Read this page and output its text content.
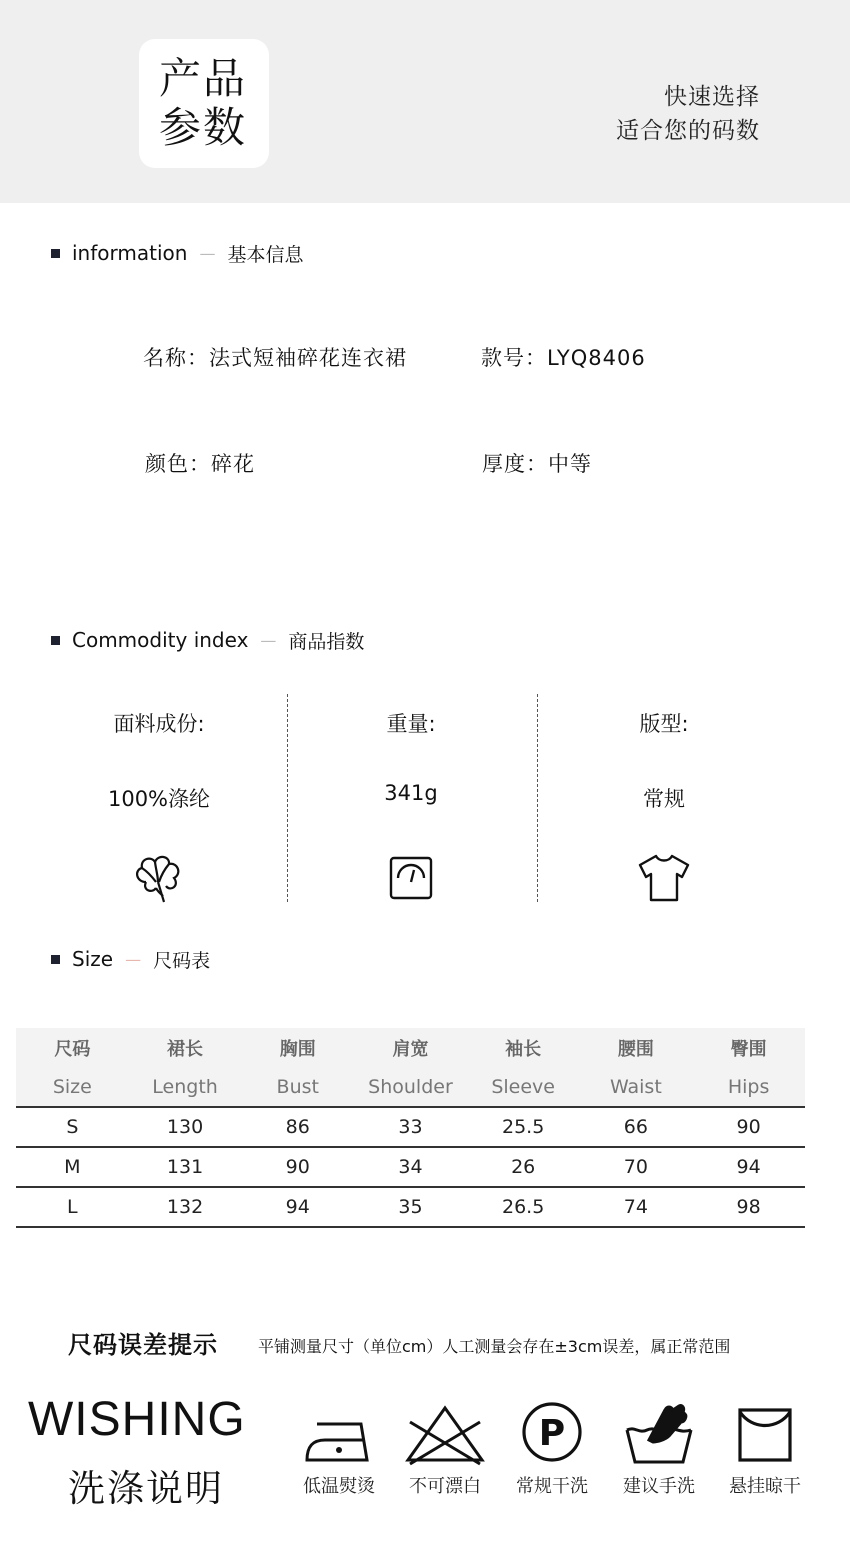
产品
参数
快速选择
适合您的码数
information — 基本信息
名称：法式短袖碎花连衣裙	款号：LYQ8406
颜色：碎花	厚度：中等
Commodity index — 商品指数
面料成份:
100%涤纶
重量:
341g
版型:
常规
Size — 尺码表
尺码	裙长	胸围	肩宽	袖长	腰围	臀围
Size	Length	Bust	Shoulder	Sleeve	Waist	Hips
S	130	86	33	25.5	66	90
M	131	90	34	26	70	94
L	132	94	35	26.5	74	98
尺码误差提示	平铺测量尺寸（单位cm）人工测量会存在±3cm误差，属正常范围
WISHING
洗涤说明	低温熨烫	不可漂白
P
常规干洗	建议手洗	悬挂晾干
